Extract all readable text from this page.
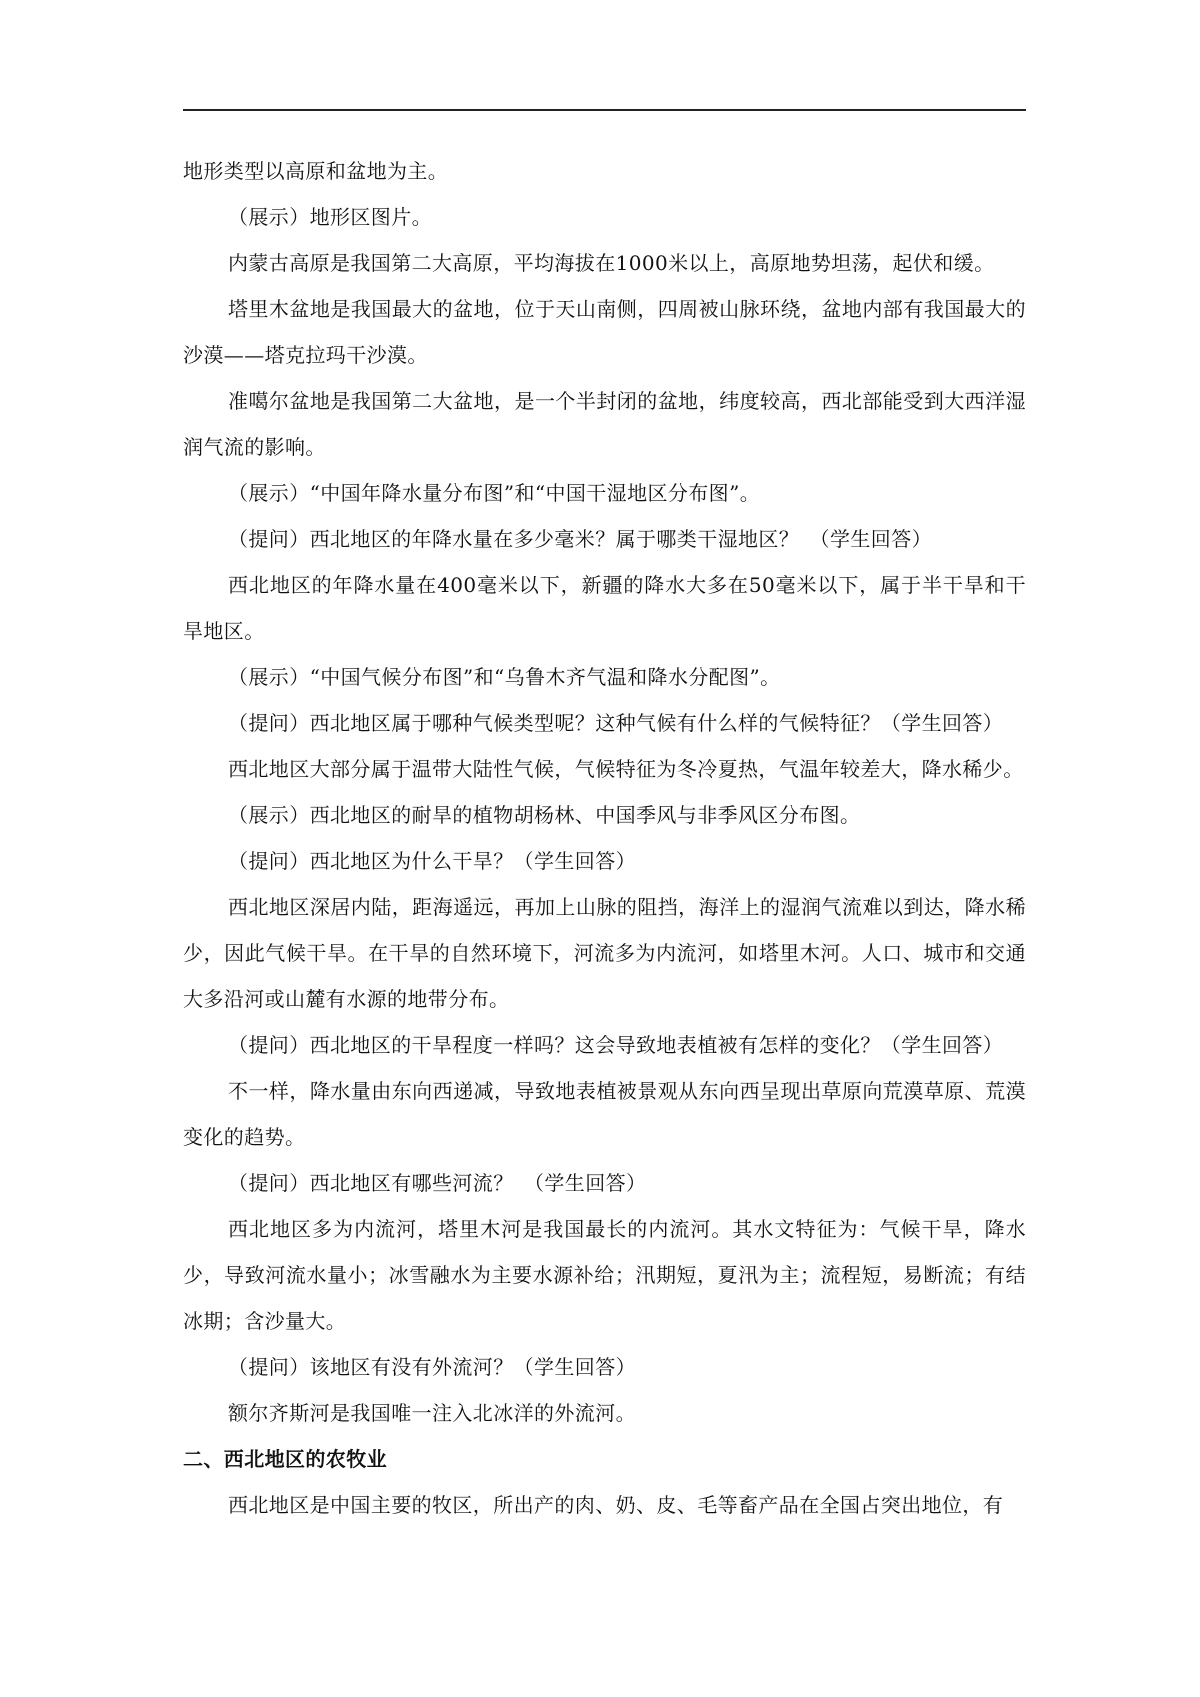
地形类型以高原和盆地为主。

（展示）地形区图片。

内蒙古高原是我国第二大高原，平均海拔在1000米以上，高原地势坦荡，起伏和缓。

塔里木盆地是我国最大的盆地，位于天山南侧，四周被山脉环绕，盆地内部有我国最大的沙漠——塔克拉玛干沙漠。

准噶尔盆地是我国第二大盆地，是一个半封闭的盆地，纬度较高，西北部能受到大西洋湿润气流的影响。

（展示）“中国年降水量分布图”和“中国干湿地区分布图”。

（提问）西北地区的年降水量在多少毫米？属于哪类干湿地区？　（学生回答）

西北地区的年降水量在400毫米以下，新疆的降水大多在50毫米以下，属于半干旱和干旱地区。

（展示）“中国气候分布图”和“乌鲁木齐气温和降水分配图”。

（提问）西北地区属于哪种气候类型呢？这种气候有什么样的气候特征？（学生回答）

西北地区大部分属于温带大陆性气候，气候特征为冬冷夏热，气温年较差大，降水稀少。

（展示）西北地区的耐旱的植物胡杨林、中国季风与非季风区分布图。

（提问）西北地区为什么干旱？（学生回答）

西北地区深居内陆，距海遥远，再加上山脉的阻挡，海洋上的湿润气流难以到达，降水稀少，因此气候干旱。在干旱的自然环境下，河流多为内流河，如塔里木河。人口、城市和交通大多沿河或山麓有水源的地带分布。

（提问）西北地区的干旱程度一样吗？这会导致地表植被有怎样的变化？（学生回答）

不一样，降水量由东向西递减，导致地表植被景观从东向西呈现出草原向荒漠草原、荒漠变化的趋势。

（提问）西北地区有哪些河流？　（学生回答）

西北地区多为内流河，塔里木河是我国最长的内流河。其水文特征为：气候干旱，降水少，导致河流水量小；冰雪融水为主要水源补给；汛期短，夏汛为主；流程短，易断流；有结冰期；含沙量大。

（提问）该地区有没有外流河？（学生回答）

额尔齐斯河是我国唯一注入北冰洋的外流河。

二、西北地区的农牧业

西北地区是中国主要的牧区，所出产的肉、奶、皮、毛等畜产品在全国占突出地位，有
